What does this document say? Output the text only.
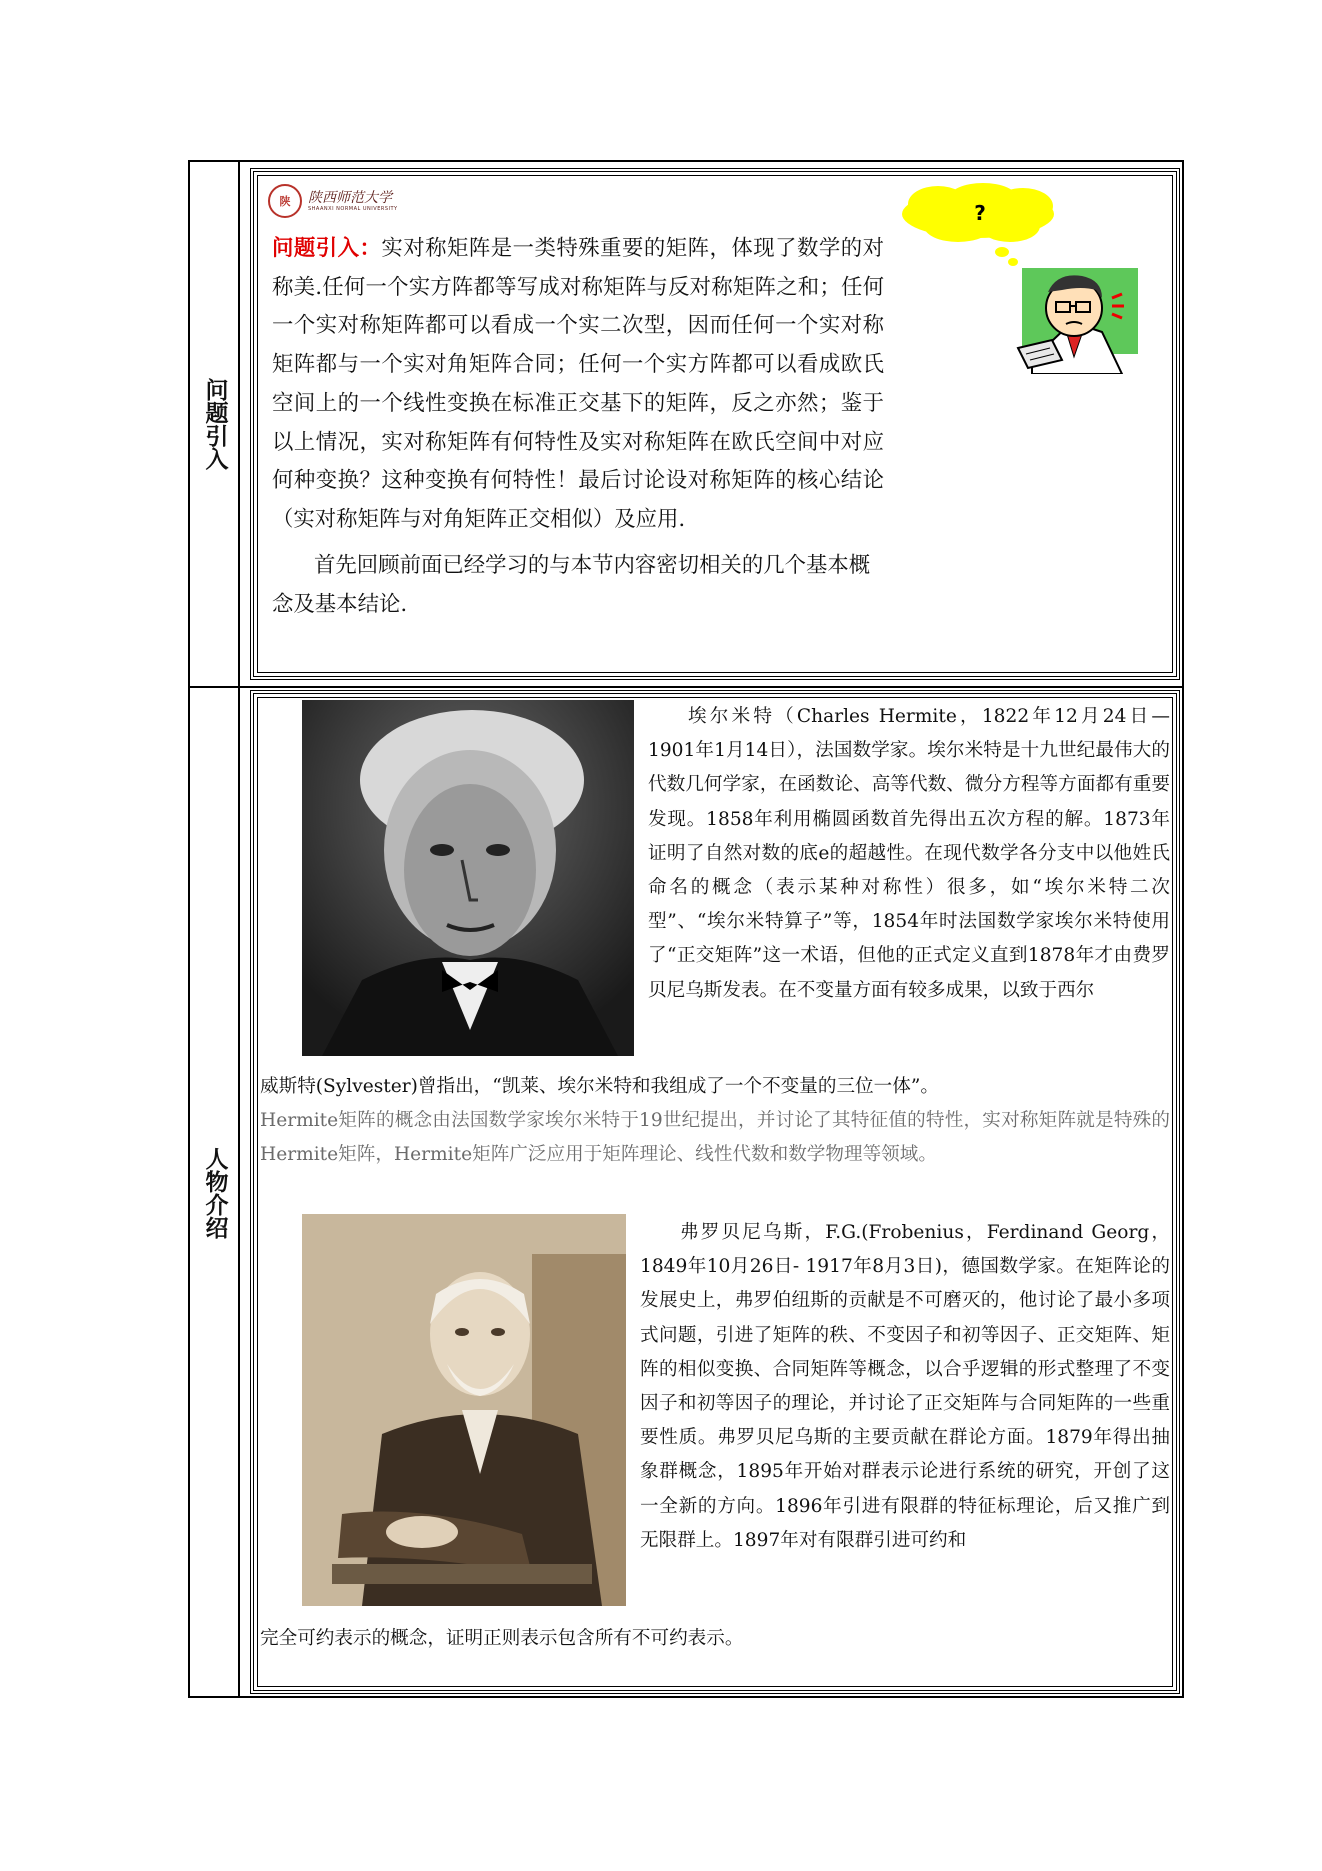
问题引入
陕 陕西师范大学
SHAANXI NORMAL UNIVERSITY	?
问题引入：实对称矩阵是一类特殊重要的矩阵，体现了数学的对称美.任何一个实方阵都等写成对称矩阵与反对称矩阵之和；任何一个实对称矩阵都可以看成一个实二次型，因而任何一个实对称矩阵都与一个实对角矩阵合同；任何一个实方阵都可以看成欧氏空间上的一个线性变换在标准正交基下的矩阵，反之亦然；鉴于以上情况，实对称矩阵有何特性及实对称矩阵在欧氏空间中对应何种变换？这种变换有何特性！最后讨论设对称矩阵的核心结论（实对称矩阵与对角矩阵正交相似）及应用.
首先回顾前面已经学习的与本节内容密切相关的几个基本概念及基本结论.
人物介绍
埃尔米特（Charles Hermite，1822年12月24日—1901年1月14日），法国数学家。埃尔米特是十九世纪最伟大的代数几何学家，在函数论、高等代数、微分方程等方面都有重要发现。1858年利用椭圆函数首先得出五次方程的解。1873年证明了自然对数的底e的超越性。在现代数学各分支中以他姓氏命名的概念（表示某种对称性）很多，如“埃尔米特二次型”、“埃尔米特算子”等，1854年时法国数学家埃尔米特使用了“正交矩阵”这一术语，但他的正式定义直到1878年才由费罗贝尼乌斯发表。在不变量方面有较多成果，以致于西尔
威斯特(Sylvester)曾指出，“凯莱、埃尔米特和我组成了一个不变量的三位一体”。
Hermite矩阵的概念由法国数学家埃尔米特于19世纪提出，并讨论了其特征值的特性，实对称矩阵就是特殊的Hermite矩阵，Hermite矩阵广泛应用于矩阵理论、线性代数和数学物理等领域。
弗罗贝尼乌斯，F.G.(Frobenius，Ferdinand Georg，1849年10月26日- 1917年8月3日)，德国数学家。在矩阵论的发展史上，弗罗伯纽斯的贡献是不可磨灭的，他讨论了最小多项式问题，引进了矩阵的秩、不变因子和初等因子、正交矩阵、矩阵的相似变换、合同矩阵等概念，以合乎逻辑的形式整理了不变因子和初等因子的理论，并讨论了正交矩阵与合同矩阵的一些重要性质。弗罗贝尼乌斯的主要贡献在群论方面。1879年得出抽象群概念，1895年开始对群表示论进行系统的研究，开创了这一全新的方向。1896年引进有限群的特征标理论，后又推广到无限群上。1897年对有限群引进可约和
完全可约表示的概念，证明正则表示包含所有不可约表示。
